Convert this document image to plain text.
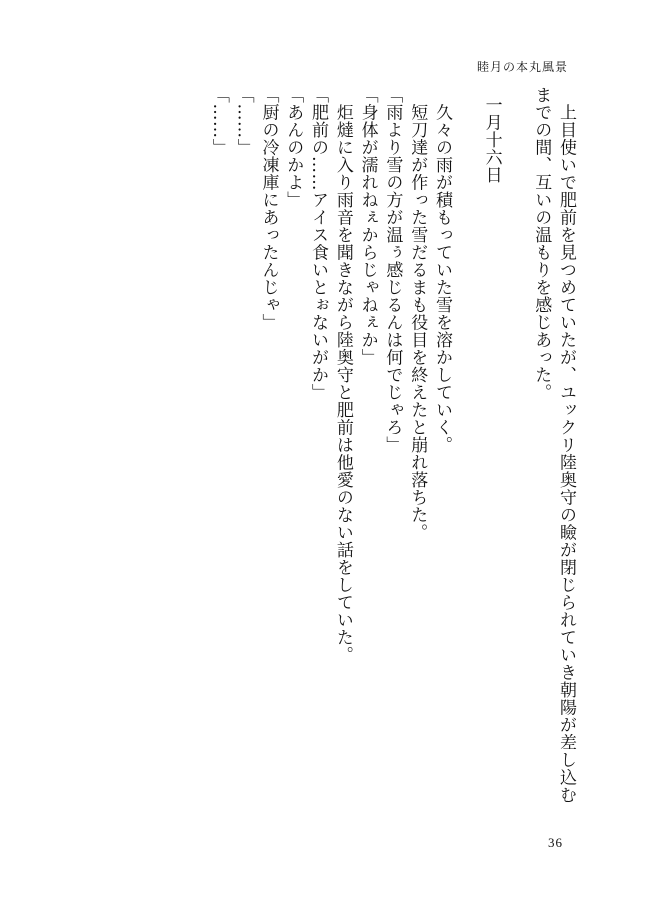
睦月の本丸風景
　上目使いで肥前を見つめていたが、ユックリ陸奥守の瞼が閉じられていき朝陽が差し込む
までの間、互いの温もりを感じあった。
一月十六日
　久々の雨が積もっていた雪を溶かしていく。
　短刀達が作った雪だるまも役目を終えたと崩れ落ちた。
「雨より雪の方が温ぅ感じるんは何でじゃろ」
「身体が濡れねぇからじゃねぇか」
　炬燵に入り雨音を聞きながら陸奥守と肥前は他愛のない話をしていた。
「肥前の……アイス食いとぉないがか」
「あんのかよ」
「厨の冷凍庫にあったんじゃ」
「……」
「……」
36
